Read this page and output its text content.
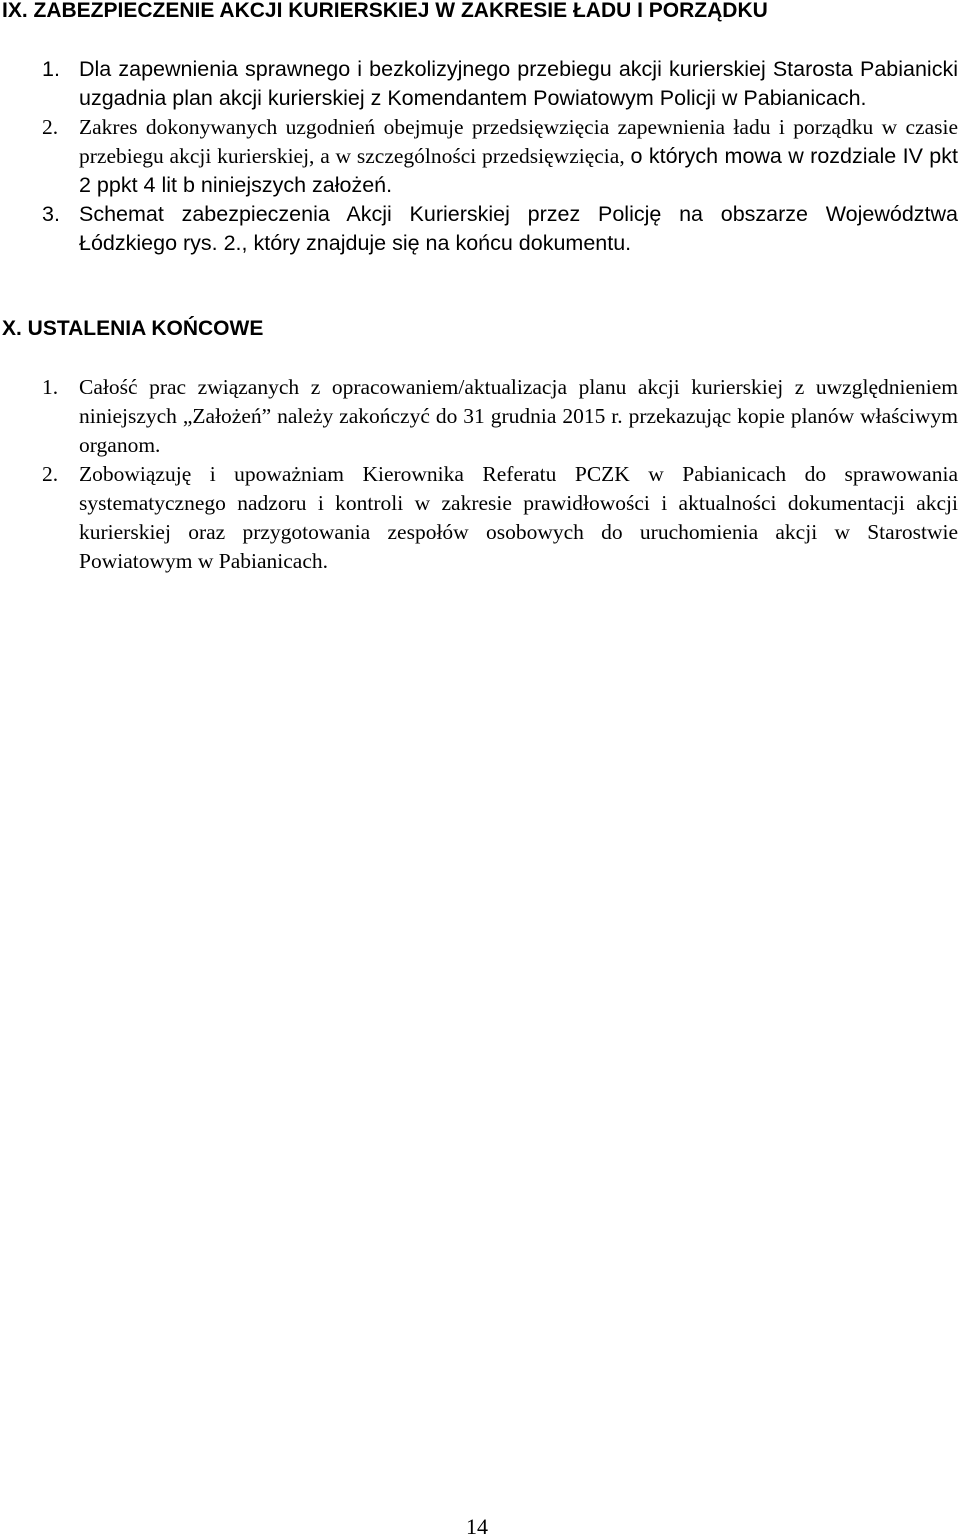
IX. ZABEZPIECZENIE AKCJI KURIERSKIEJ W ZAKRESIE ŁADU I PORZĄDKU
1. Dla zapewnienia sprawnego i bezkolizyjnego przebiegu akcji kurierskiej Starosta Pabianicki uzgadnia plan akcji kurierskiej z Komendantem Powiatowym Policji w Pabianicach.
2. Zakres dokonywanych uzgodnień obejmuje przedsięwzięcia zapewnienia ładu i porządku w czasie przebiegu akcji kurierskiej, a w szczególności przedsięwzięcia, o których mowa w rozdziale IV pkt 2 ppkt 4 lit b niniejszych założeń.
3. Schemat zabezpieczenia Akcji Kurierskiej przez Policję na obszarze Województwa Łódzkiego rys. 2., który znajduje się na końcu dokumentu.
X. USTALENIA KOŃCOWE
1. Całość prac związanych z opracowaniem/aktualizacja planu akcji kurierskiej z uwzględnieniem niniejszych „Założeń” należy zakończyć do 31 grudnia 2015 r. przekazując kopie planów właściwym organom.
2. Zobowiązuję i upoważniam Kierownika Referatu PCZK w Pabianicach do sprawowania systematycznego nadzoru i kontroli w zakresie prawidłowości i aktualności dokumentacji akcji kurierskiej oraz przygotowania zespołów osobowych do uruchomienia akcji w Starostwie Powiatowym w Pabianicach.
14
